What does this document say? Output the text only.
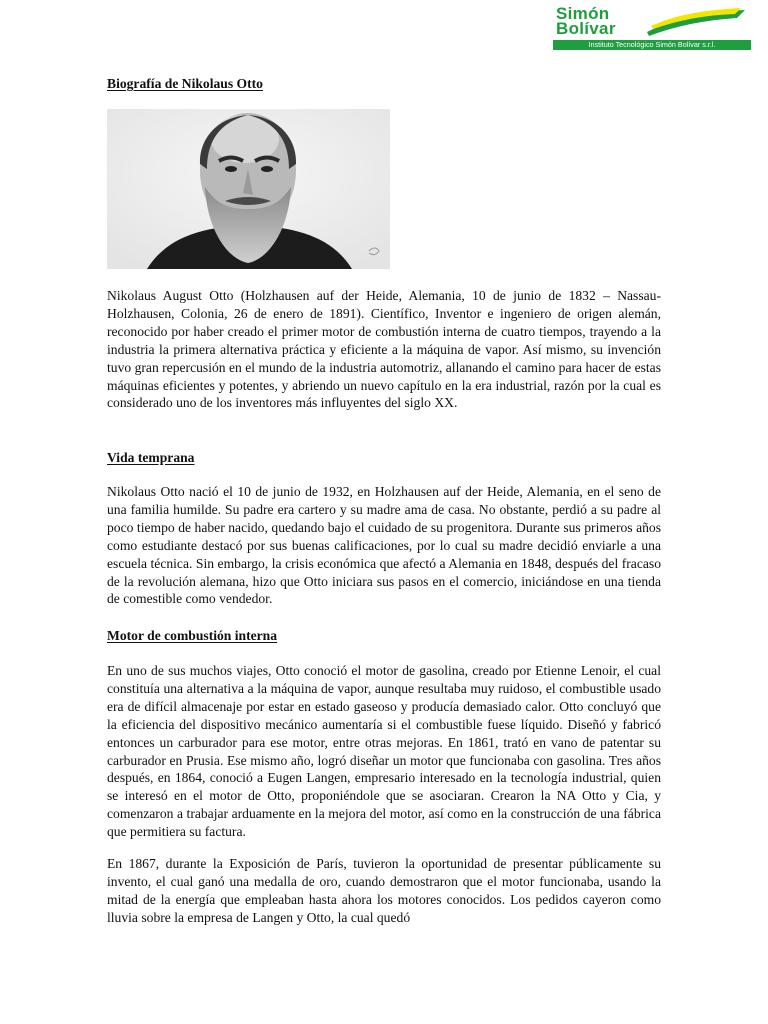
Simón
Bolívar
Instituto Tecnológico Simón Bolívar s.r.l.
Biografía de Nikolaus Otto

Nikolaus August Otto (Holzhausen auf der Heide, Alemania, 10 de junio de 1832 – Nassau-Holzhausen, Colonia, 26 de enero de 1891). Científico, Inventor e ingeniero de origen alemán, reconocido por haber creado el primer motor de combustión interna de cuatro tiempos, trayendo a la industria la primera alternativa práctica y eficiente a la máquina de vapor. Así mismo, su invención tuvo gran repercusión en el mundo de la industria automotriz, allanando el camino para hacer de estas máquinas eficientes y potentes, y abriendo un nuevo capítulo en la era industrial, razón por la cual es considerado uno de los inventores más influyentes del siglo XX.

Vida temprana

Nikolaus Otto nació el 10 de junio de 1932, en Holzhausen auf der Heide, Alemania, en el seno de una familia humilde. Su padre era cartero y su madre ama de casa. No obstante, perdió a su padre al poco tiempo de haber nacido, quedando bajo el cuidado de su progenitora. Durante sus primeros años como estudiante destacó por sus buenas calificaciones, por lo cual su madre decidió enviarle a una escuela técnica. Sin embargo, la crisis económica que afectó a Alemania en 1848, después del fracaso de la revolución alemana, hizo que Otto iniciara sus pasos en el comercio, iniciándose en una tienda de comestible como vendedor.

Motor de combustión interna

En uno de sus muchos viajes, Otto conoció el motor de gasolina, creado por Etienne Lenoir, el cual constituía una alternativa a la máquina de vapor, aunque resultaba muy ruidoso, el combustible usado era de difícil almacenaje por estar en estado gaseoso y producía demasiado calor. Otto concluyó que la eficiencia del dispositivo mecánico aumentaría si el combustible fuese líquido. Diseñó y fabricó entonces un carburador para ese motor, entre otras mejoras. En 1861, trató en vano de patentar su carburador en Prusia. Ese mismo año, logró diseñar un motor que funcionaba con gasolina. Tres años después, en 1864, conoció a Eugen Langen, empresario interesado en la tecnología industrial, quien se interesó en el motor de Otto, proponiéndole que se asociaran. Crearon la NA Otto y Cia, y comenzaron a trabajar arduamente en la mejora del motor, así como en la construcción de una fábrica que permitiera su factura.

En 1867, durante la Exposición de París, tuvieron la oportunidad de presentar públicamente su invento, el cual ganó una medalla de oro, cuando demostraron que el motor funcionaba, usando la mitad de la energía que empleaban hasta ahora los motores conocidos. Los pedidos cayeron como lluvia sobre la empresa de Langen y Otto, la cual quedó
